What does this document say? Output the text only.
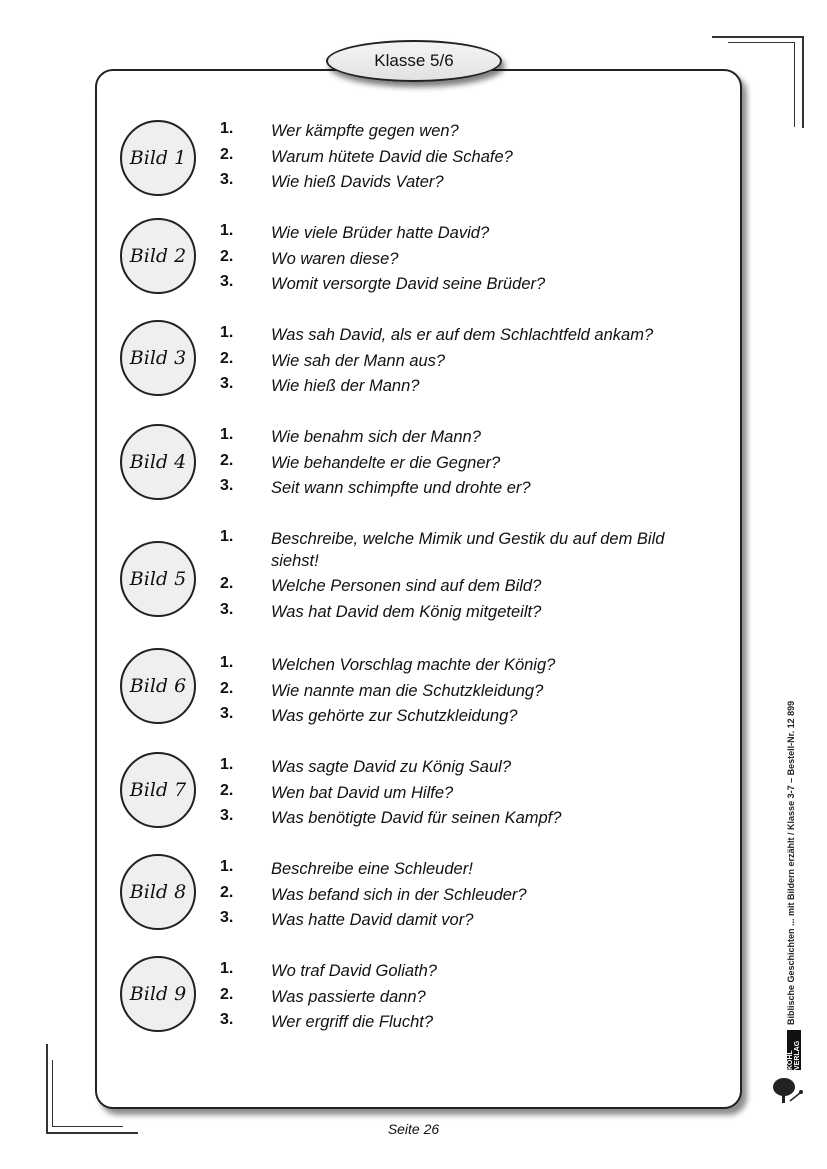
Klasse 5/6
Bild 1
1. Wer kämpfte gegen wen?
2. Warum hütete David die Schafe?
3. Wie hieß Davids Vater?
Bild 2
1. Wie viele Brüder hatte David?
2. Wo waren diese?
3. Womit versorgte David seine Brüder?
Bild 3
1. Was sah David, als er auf dem Schlachtfeld ankam?
2. Wie sah der Mann aus?
3. Wie hieß der Mann?
Bild 4
1. Wie benahm sich der Mann?
2. Wie behandelte er die Gegner?
3. Seit wann schimpfte und drohte er?
Bild 5
1. Beschreibe, welche Mimik und Gestik du auf dem Bild siehst!
2. Welche Personen sind auf dem Bild?
3. Was hat David dem König mitgeteilt?
Bild 6
1. Welchen Vorschlag machte der König?
2. Wie nannte man die Schutzkleidung?
3. Was gehörte zur Schutzkleidung?
Bild 7
1. Was sagte David zu König Saul?
2. Wen bat David um Hilfe?
3. Was benötigte David für seinen Kampf?
Bild 8
1. Beschreibe eine Schleuder!
2. Was befand sich in der Schleuder?
3. Was hatte David damit vor?
Bild 9
1. Wo traf David Goliath?
2. Was passierte dann?
3. Wer ergriff die Flucht?	Biblische Geschichten ... mit Bildern erzählt / Klasse 3-7 – Bestell-Nr. 12 899
KOHL VERLAG
Seite 26
